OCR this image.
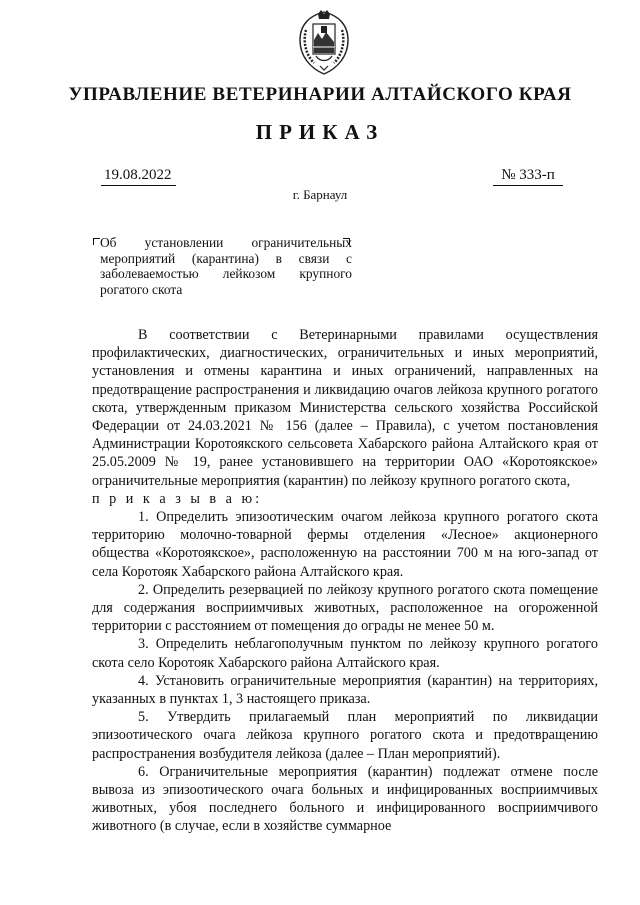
УПРАВЛЕНИЕ ВЕТЕРИНАРИИ АЛТАЙСКОГО КРАЯ
ПРИКАЗ
19.08.2022	№ 333-п
г. Барнаул

Об установлении ограничительных

мероприятий (карантина) в связи с

заболеваемостью лейкозом крупного

рогатого скота

В соответствии с Ветеринарными правилами осуществления профилактических, диагностических, ограничительных и иных мероприятий, установления и отмены карантина и иных ограничений, направленных на предотвращение распространения и ликвидацию очагов лейкоза крупного рогатого скота, утвержденным приказом Министерства сельского хозяйства Российской Федерации от 24.03.2021 № 156 (далее – Правила), с учетом постановления Администрации Коротоякского сельсовета Хабарского района Алтайского края от 25.05.2009 № 19, ранее установившего на территории ОАО «Коротоякское» ограничительные мероприятия (карантин) по лейкозу крупного рогатого скота,

п р и к а з ы в а ю:

1. Определить эпизоотическим очагом лейкоза крупного рогатого скота территорию молочно-товарной фермы отделения «Лесное» акционерного общества «Коротоякское», расположенную на расстоянии 700 м на юго-запад от села Коротояк Хабарского района Алтайского края.

2. Определить резервацией по лейкозу крупного рогатого скота помещение для содержания восприимчивых животных, расположенное на огороженной территории с расстоянием от помещения до ограды не менее 50 м.

3. Определить неблагополучным пунктом по лейкозу крупного рогатого скота село Коротояк Хабарского района Алтайского края.

4. Установить ограничительные мероприятия (карантин) на территориях, указанных в пунктах 1, 3 настоящего приказа.

5. Утвердить прилагаемый план мероприятий по ликвидации эпизоотического очага лейкоза крупного рогатого скота и предотвращению распространения возбудителя лейкоза (далее – План мероприятий).

6. Ограничительные мероприятия (карантин) подлежат отмене после вывоза из эпизоотического очага больных и инфицированных восприимчивых животных, убоя последнего больного и инфицированного восприимчивого животного (в случае, если в хозяйстве суммарное
